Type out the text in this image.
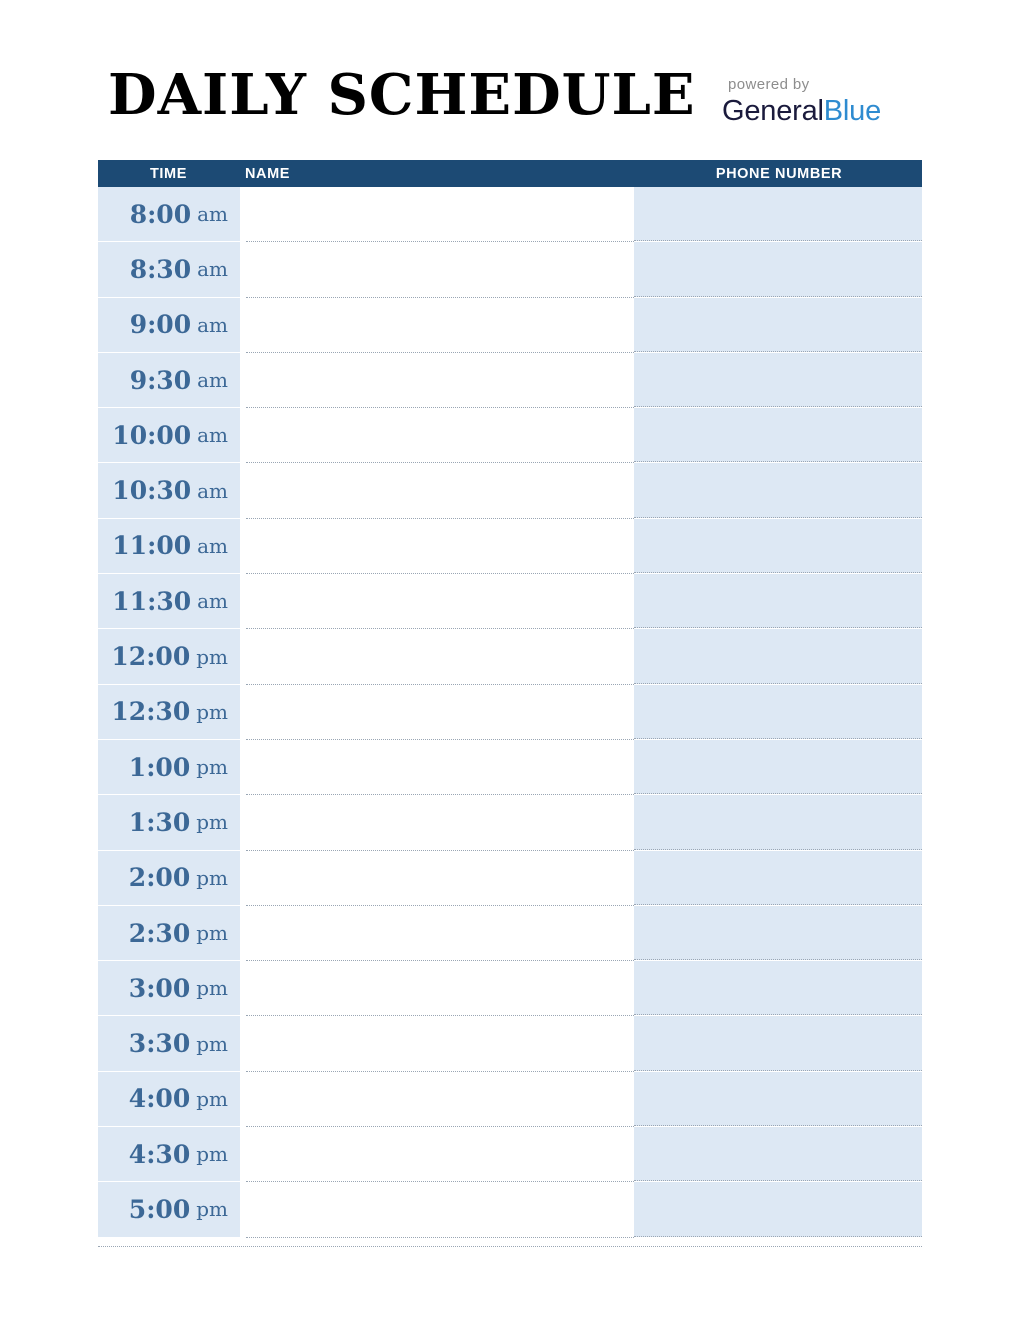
DAILY SCHEDULE	powered by
GeneralBlue
TIME	NAME	PHONE NUMBER
8:00 am
8:30 am
9:00 am
9:30 am
10:00 am
10:30 am
11:00 am
11:30 am
12:00 pm
12:30 pm
1:00 pm
1:30 pm
2:00 pm
2:30 pm
3:00 pm
3:30 pm
4:00 pm
4:30 pm
5:00 pm
